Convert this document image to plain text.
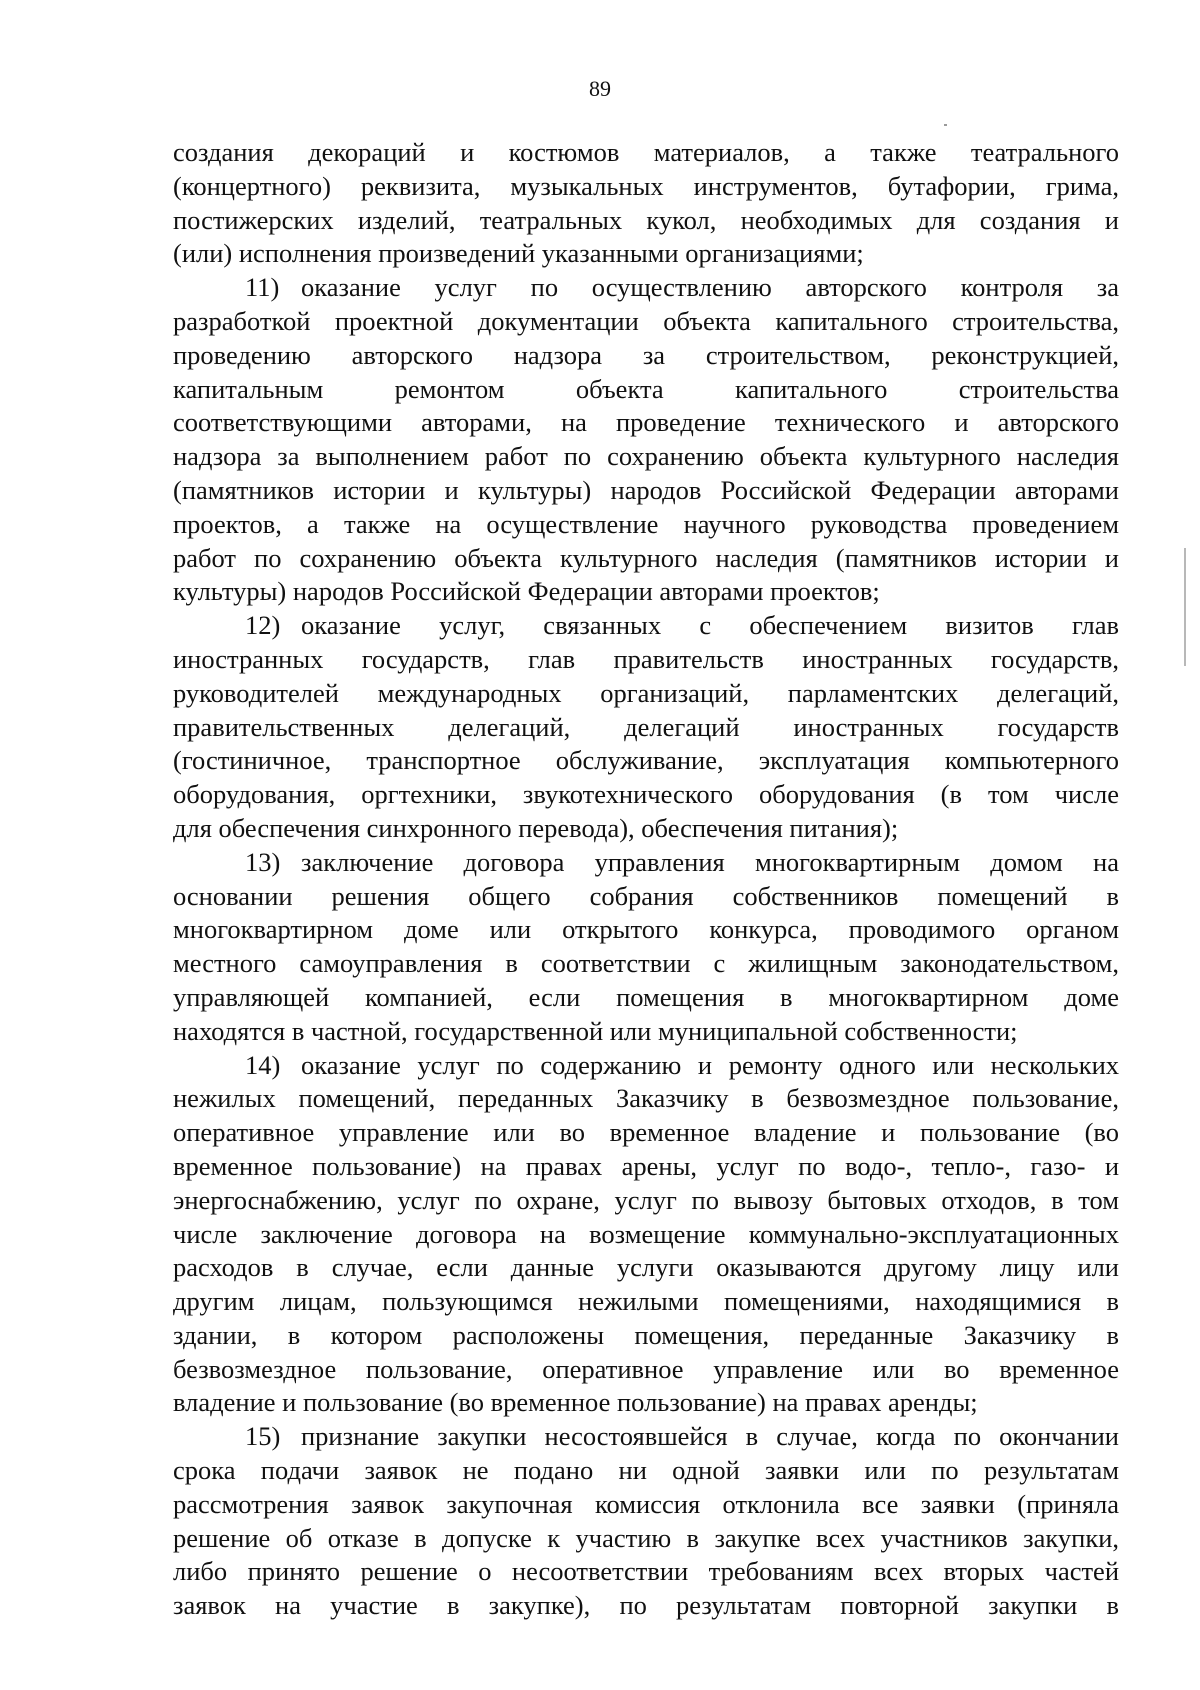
89
создания декораций и костюмов материалов, а также театрального
(концертного) реквизита, музыкальных инструментов, бутафории, грима,
постижерских изделий, театральных кукол, необходимых для создания и
(или) исполнения произведений указанными организациями;
11) оказание услуг по осуществлению авторского контроля за
разработкой проектной документации объекта капитального строительства,
проведению авторского надзора за строительством, реконструкцией,
капитальным ремонтом объекта капитального строительства
соответствующими авторами, на проведение технического и авторского
надзора за выполнением работ по сохранению объекта культурного наследия
(памятников истории и культуры) народов Российской Федерации авторами
проектов, а также на осуществление научного руководства проведением
работ по сохранению объекта культурного наследия (памятников истории и
культуры) народов Российской Федерации авторами проектов;
12) оказание услуг, связанных с обеспечением визитов глав
иностранных государств, глав правительств иностранных государств,
руководителей международных организаций, парламентских делегаций,
правительственных делегаций, делегаций иностранных государств
(гостиничное, транспортное обслуживание, эксплуатация компьютерного
оборудования, оргтехники, звукотехнического оборудования (в том числе
для обеспечения синхронного перевода), обеспечения питания);
13) заключение договора управления многоквартирным домом на
основании решения общего собрания собственников помещений в
многоквартирном доме или открытого конкурса, проводимого органом
местного самоуправления в соответствии с жилищным законодательством,
управляющей компанией, если помещения в многоквартирном доме
находятся в частной, государственной или муниципальной собственности;
14) оказание услуг по содержанию и ремонту одного или нескольких
нежилых помещений, переданных Заказчику в безвозмездное пользование,
оперативное управление или во временное владение и пользование (во
временное пользование) на правах арены, услуг по водо-, тепло-, газо- и
энергоснабжению, услуг по охране, услуг по вывозу бытовых отходов, в том
числе заключение договора на возмещение коммунально-эксплуатационных
расходов в случае, если данные услуги оказываются другому лицу или
другим лицам, пользующимся нежилыми помещениями, находящимися в
здании, в котором расположены помещения, переданные Заказчику в
безвозмездное пользование, оперативное управление или во временное
владение и пользование (во временное пользование) на правах аренды;
15) признание закупки несостоявшейся в случае, когда по окончании
срока подачи заявок не подано ни одной заявки или по результатам
рассмотрения заявок закупочная комиссия отклонила все заявки (приняла
решение об отказе в допуске к участию в закупке всех участников закупки,
либо принято решение о несоответствии требованиям всех вторых частей
заявок на участие в закупке), по результатам повторной закупки в
